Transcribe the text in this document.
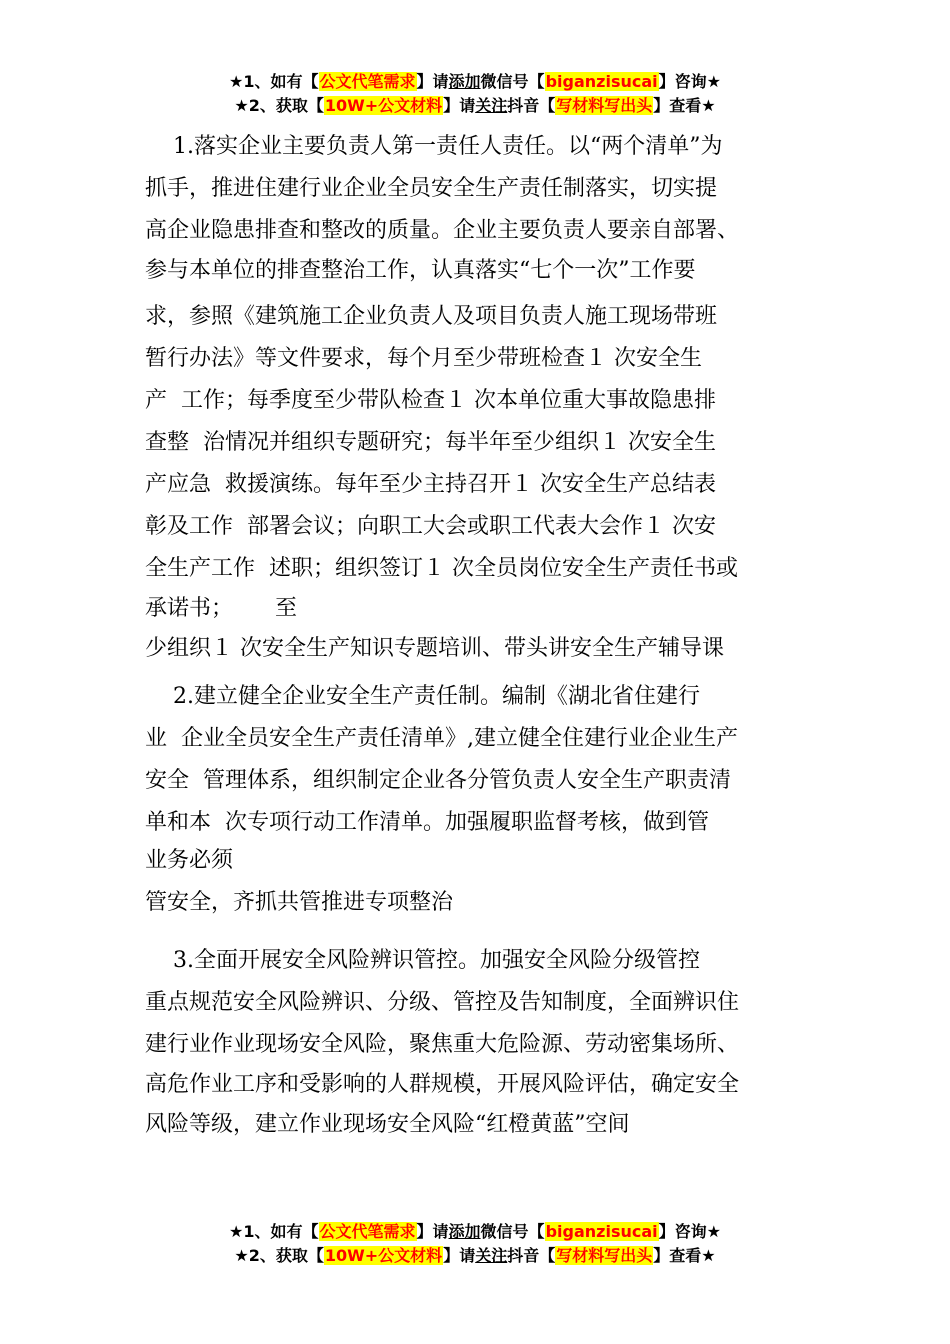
★1、如有【公文代笔需求】请添加微信号【biganzisucai】咨询★
★2、获取【10W+公文材料】请关注抖音【写材料写出头】查看★
1.落实企业主要负责人第一责任人责任。以“两个清单”为
抓手，推进住建行业企业全员安全生产责任制落实，切实提
高企业隐患排查和整改的质量。企业主要负责人要亲自部署、
参与本单位的排查整治工作，认真落实“七个一次”工作要
求，参照《建筑施工企业负责人及项目负责人施工现场带班
暂行办法》等文件要求，每个月至少带班检查１ 次安全生
产  工作；每季度至少带队检查１ 次本单位重大事故隐患排
查整  治情况并组织专题研究；每半年至少组织１ 次安全生
产应急  救援演练。每年至少主持召开１ 次安全生产总结表
彰及工作  部署会议；向职工大会或职工代表大会作１ 次安
全生产工作  述职；组织签订１ 次全员岗位安全生产责任书或
承诺书；      至
少组织１ 次安全生产知识专题培训、带头讲安全生产辅导课
2.建立健全企业安全生产责任制。编制《湖北省住建行
业  企业全员安全生产责任清单》,建立健全住建行业企业生产
安全  管理体系，组织制定企业各分管负责人安全生产职责清
单和本  次专项行动工作清单。加强履职监督考核，做到管
业务必须
管安全，齐抓共管推进专项整治
3.全面开展安全风险辨识管控。加强安全风险分级管控
重点规范安全风险辨识、分级、管控及告知制度，全面辨识住
建行业作业现场安全风险，聚焦重大危险源、劳动密集场所、
高危作业工序和受影响的人群规模，开展风险评估，确定安全
风险等级，建立作业现场安全风险“红橙黄蓝”空间
★1、如有【公文代笔需求】请添加微信号【biganzisucai】咨询★
★2、获取【10W+公文材料】请关注抖音【写材料写出头】查看★
